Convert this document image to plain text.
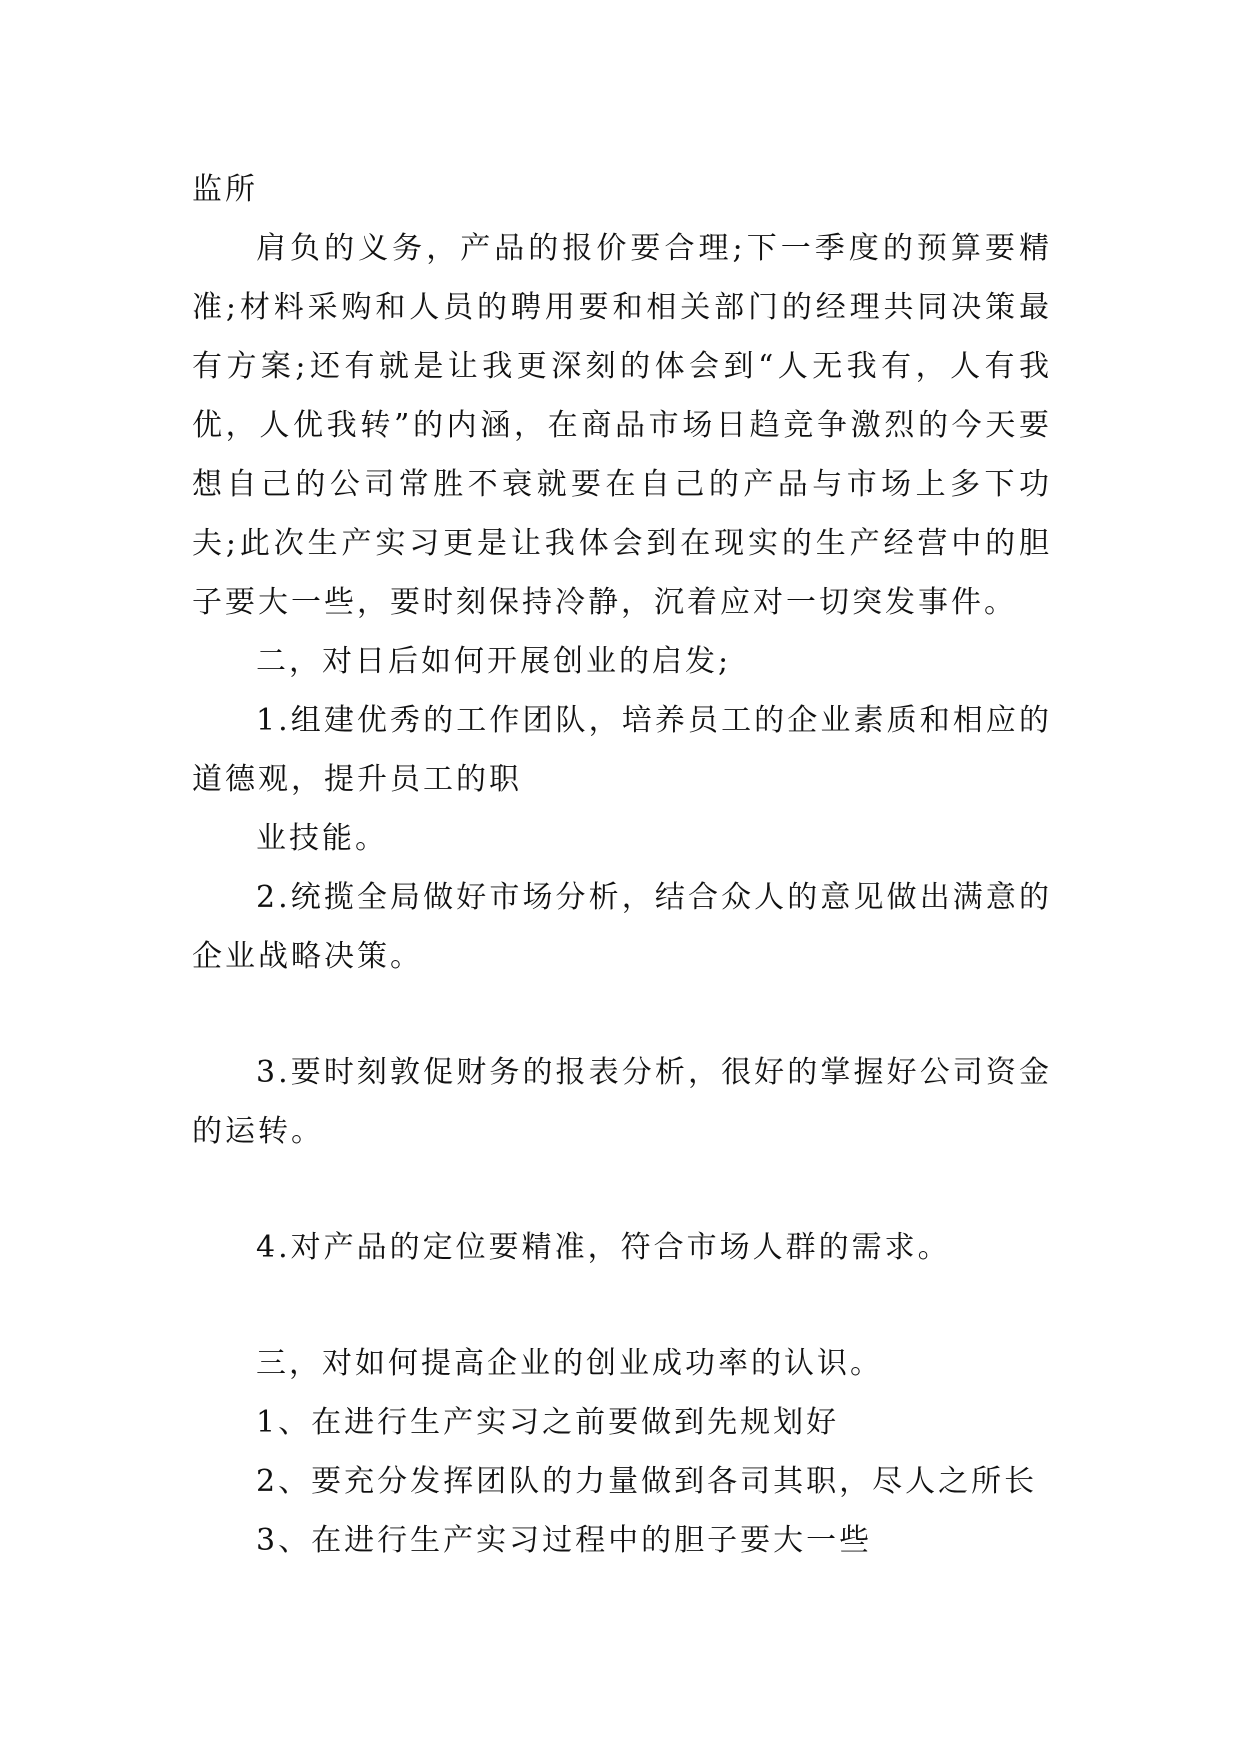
监所

肩负的义务，产品的报价要合理;下一季度的预算要精准;材料采购和人员的聘用要和相关部门的经理共同决策最有方案;还有就是让我更深刻的体会到“人无我有，人有我优，人优我转”的内涵，在商品市场日趋竞争激烈的今天要想自己的公司常胜不衰就要在自己的产品与市场上多下功夫;此次生产实习更是让我体会到在现实的生产经营中的胆子要大一些，要时刻保持冷静，沉着应对一切突发事件。

二，对日后如何开展创业的启发;

1.组建优秀的工作团队，培养员工的企业素质和相应的道德观，提升员工的职

业技能。

2.统揽全局做好市场分析，结合众人的意见做出满意的企业战略决策。

3.要时刻敦促财务的报表分析，很好的掌握好公司资金的运转。

4.对产品的定位要精准，符合市场人群的需求。

三，对如何提高企业的创业成功率的认识。

1、在进行生产实习之前要做到先规划好

2、要充分发挥团队的力量做到各司其职，尽人之所长

3、在进行生产实习过程中的胆子要大一些
